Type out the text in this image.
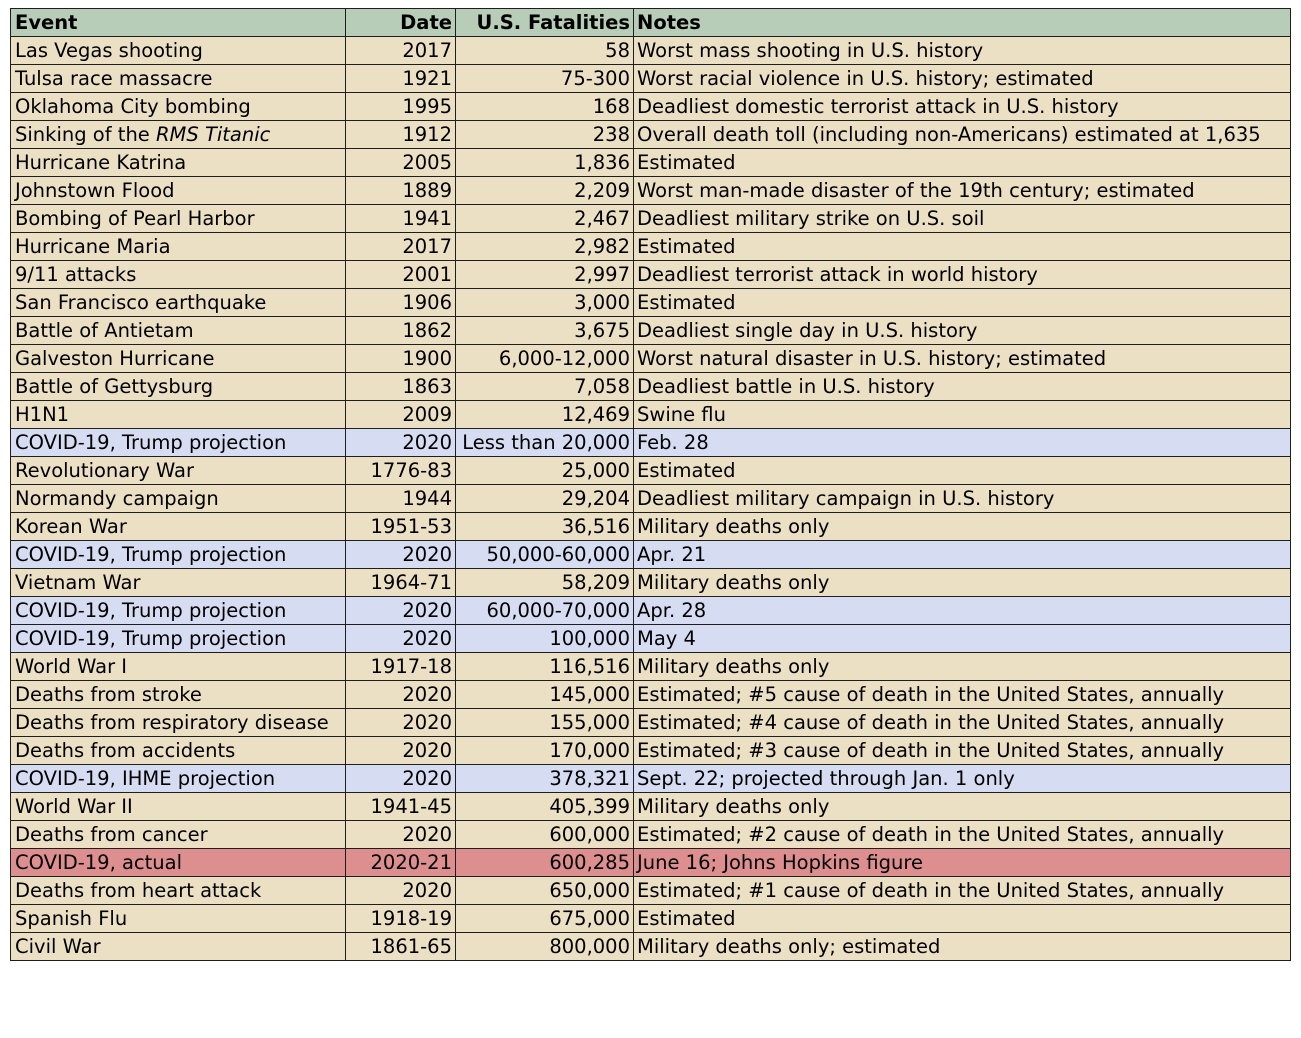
Event	Date	U.S. Fatalities	Notes
Las Vegas shooting	2017	58	Worst mass shooting in U.S. history
Tulsa race massacre	1921	75-300	Worst racial violence in U.S. history; estimated
Oklahoma City bombing	1995	168	Deadliest domestic terrorist attack in U.S. history
Sinking of the RMS Titanic	1912	238	Overall death toll (including non-Americans) estimated at 1,635
Hurricane Katrina	2005	1,836	Estimated
Johnstown Flood	1889	2,209	Worst man-made disaster of the 19th century; estimated
Bombing of Pearl Harbor	1941	2,467	Deadliest military strike on U.S. soil
Hurricane Maria	2017	2,982	Estimated
9/11 attacks	2001	2,997	Deadliest terrorist attack in world history
San Francisco earthquake	1906	3,000	Estimated
Battle of Antietam	1862	3,675	Deadliest single day in U.S. history
Galveston Hurricane	1900	6,000-12,000	Worst natural disaster in U.S. history; estimated
Battle of Gettysburg	1863	7,058	Deadliest battle in U.S. history
H1N1	2009	12,469	Swine flu
COVID-19, Trump projection	2020	Less than 20,000	Feb. 28
Revolutionary War	1776-83	25,000	Estimated
Normandy campaign	1944	29,204	Deadliest military campaign in U.S. history
Korean War	1951-53	36,516	Military deaths only
COVID-19, Trump projection	2020	50,000-60,000	Apr. 21
Vietnam War	1964-71	58,209	Military deaths only
COVID-19, Trump projection	2020	60,000-70,000	Apr. 28
COVID-19, Trump projection	2020	100,000	May 4
World War I	1917-18	116,516	Military deaths only
Deaths from stroke	2020	145,000	Estimated; #5 cause of death in the United States, annually
Deaths from respiratory disease	2020	155,000	Estimated; #4 cause of death in the United States, annually
Deaths from accidents	2020	170,000	Estimated; #3 cause of death in the United States, annually
COVID-19, IHME projection	2020	378,321	Sept. 22; projected through Jan. 1 only
World War II	1941-45	405,399	Military deaths only
Deaths from cancer	2020	600,000	Estimated; #2 cause of death in the United States, annually
COVID-19, actual	2020-21	600,285	June 16; Johns Hopkins figure
Deaths from heart attack	2020	650,000	Estimated; #1 cause of death in the United States, annually
Spanish Flu	1918-19	675,000	Estimated
Civil War	1861-65	800,000	Military deaths only; estimated
